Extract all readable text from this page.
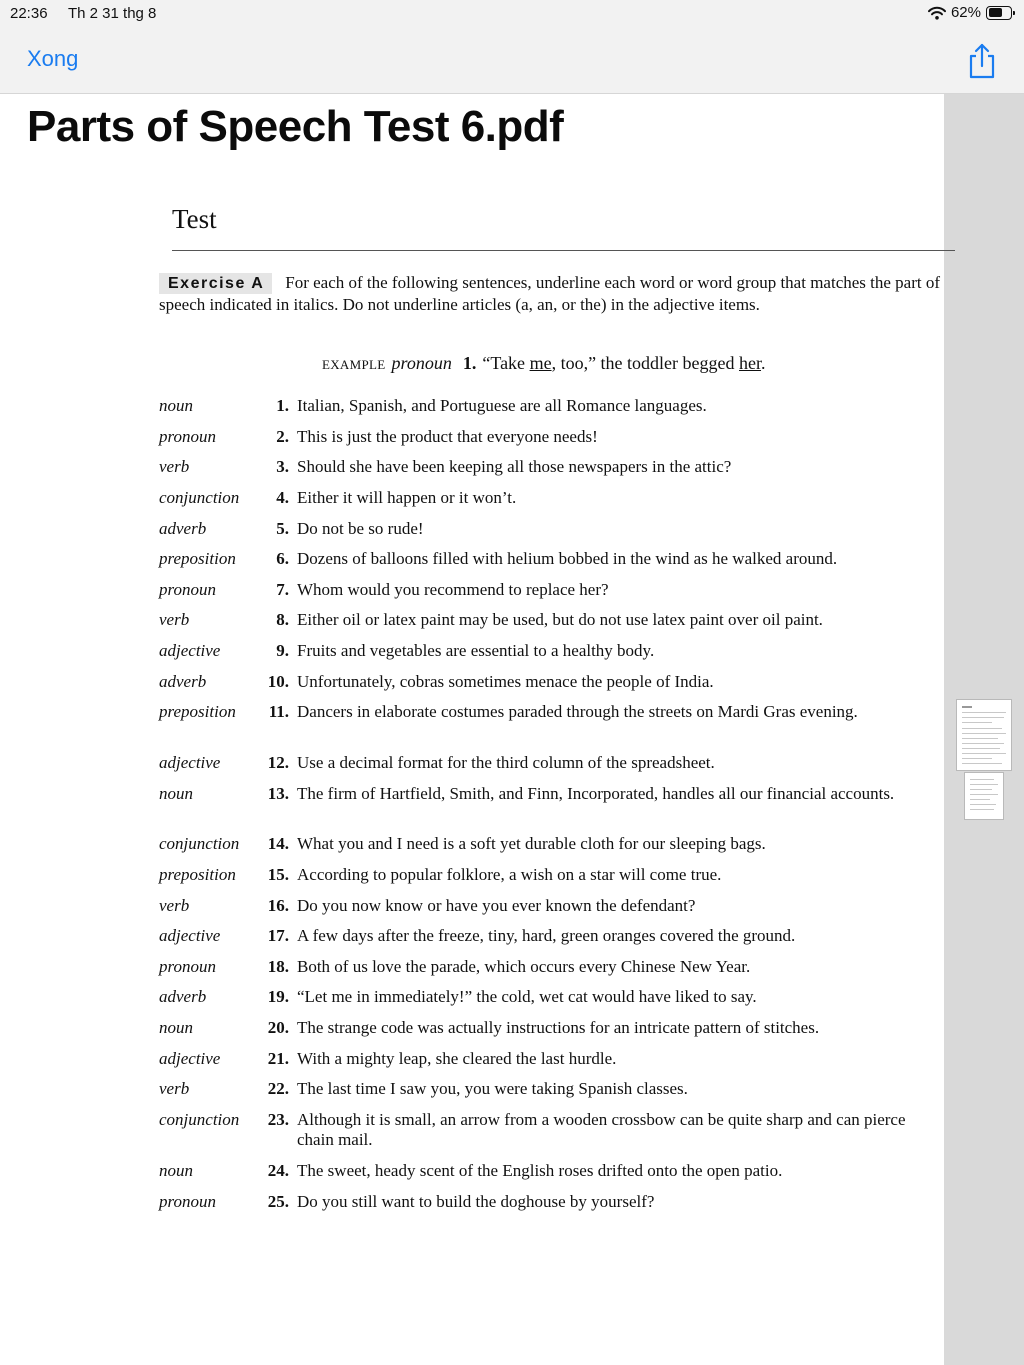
22:36 Th 2 31 thg 8	62%
Xong
Parts of Speech Test 6.pdf
Test
Exercise A For each of the following sentences, underline each word or word group that matches the part of speech indicated in italics. Do not underline articles (a, an, or the) in the adjective items.
EXAMPLE pronoun 1. “Take me, too,” the toddler begged her.
noun	1. Italian, Spanish, and Portuguese are all Romance languages.
pronoun	2. This is just the product that everyone needs!
verb	3. Should she have been keeping all those newspapers in the attic?
conjunction	4. Either it will happen or it won’t.
adverb	5. Do not be so rude!
preposition	6. Dozens of balloons filled with helium bobbed in the wind as he walked around.
pronoun	7. Whom would you recommend to replace her?
verb	8. Either oil or latex paint may be used, but do not use latex paint over oil paint.
adjective	9. Fruits and vegetables are essential to a healthy body.
adverb	10. Unfortunately, cobras sometimes menace the people of India.
preposition	11. Dancers in elaborate costumes paraded through the streets on Mardi Gras evening.
adjective	12. Use a decimal format for the third column of the spreadsheet.
noun	13. The firm of Hartfield, Smith, and Finn, Incorporated, handles all our financial accounts.
conjunction	14. What you and I need is a soft yet durable cloth for our sleeping bags.
preposition	15. According to popular folklore, a wish on a star will come true.
verb	16. Do you now know or have you ever known the defendant?
adjective	17. A few days after the freeze, tiny, hard, green oranges covered the ground.
pronoun	18. Both of us love the parade, which occurs every Chinese New Year.
adverb	19. “Let me in immediately!” the cold, wet cat would have liked to say.
noun	20. The strange code was actually instructions for an intricate pattern of stitches.
adjective	21. With a mighty leap, she cleared the last hurdle.
verb	22. The last time I saw you, you were taking Spanish classes.
conjunction	23. Although it is small, an arrow from a wooden crossbow can be quite sharp and can pierce chain mail.
noun	24. The sweet, heady scent of the English roses drifted onto the open patio.
pronoun	25. Do you still want to build the doghouse by yourself?
